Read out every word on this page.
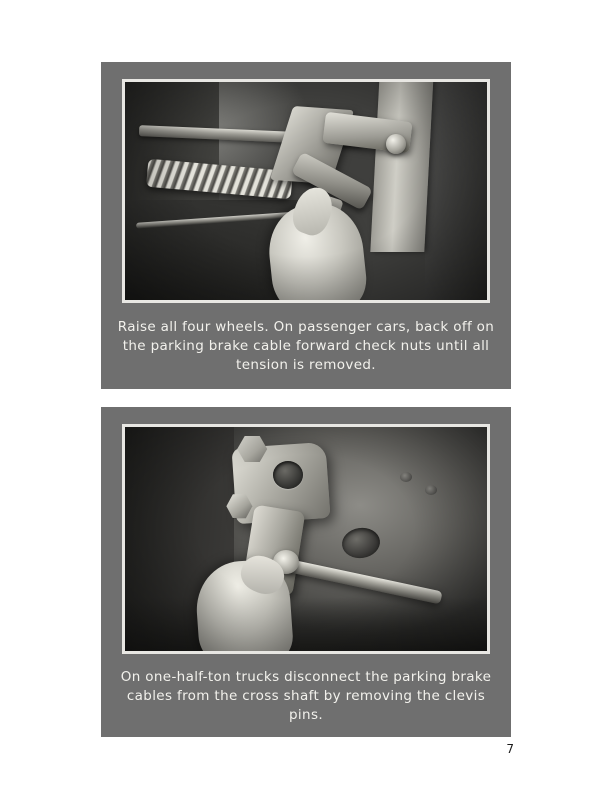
Raise all four wheels. On passenger cars, back off on the parking brake cable forward check nuts until all tension is removed.
On one-half-ton trucks disconnect the parking brake cables from the cross shaft by removing the clevis pins.
7
